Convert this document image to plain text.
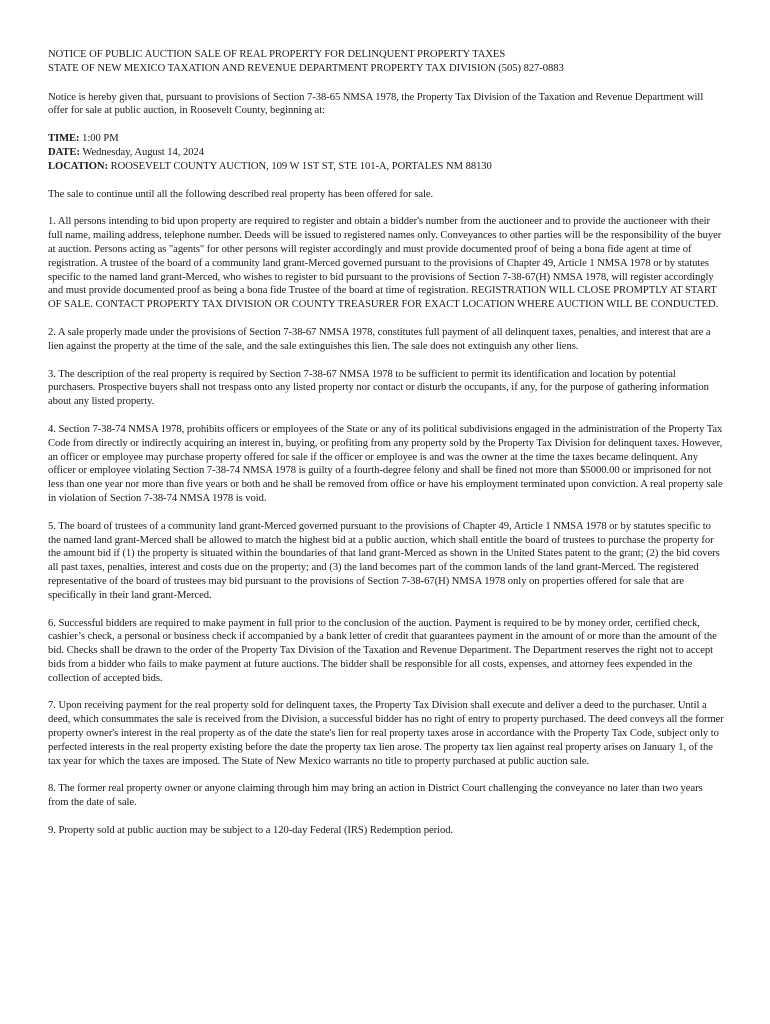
NOTICE OF PUBLIC AUCTION SALE OF REAL PROPERTY FOR DELINQUENT PROPERTY TAXES

STATE OF NEW MEXICO TAXATION AND REVENUE DEPARTMENT PROPERTY TAX DIVISION (505) 827-0883

Notice is hereby given that, pursuant to provisions of Section 7-38-65 NMSA 1978, the Property Tax Division of the Taxation and Revenue Department will offer for sale at public auction, in Roosevelt County, beginning at:

TIME: 1:00 PM

DATE: Wednesday, August 14, 2024

LOCATION: ROOSEVELT COUNTY AUCTION, 109 W 1ST ST, STE 101-A, PORTALES NM 88130

The sale to continue until all the following described real property has been offered for sale.

1. All persons intending to bid upon property are required to register and obtain a bidder's number from the auctioneer and to provide the auctioneer with their full name, mailing address, telephone number. Deeds will be issued to registered names only. Conveyances to other parties will be the responsibility of the buyer at auction. Persons acting as "agents" for other persons will register accordingly and must provide documented proof of being a bona fide agent at time of registration. A trustee of the board of a community land grant-Merced governed pursuant to the provisions of Chapter 49, Article 1 NMSA 1978 or by statutes specific to the named land grant-Merced, who wishes to register to bid pursuant to the provisions of Section 7-38-67(H) NMSA 1978, will register accordingly and must provide documented proof as being a bona fide Trustee of the board at time of registration. REGISTRATION WILL CLOSE PROMPTLY AT START OF SALE. CONTACT PROPERTY TAX DIVISION OR COUNTY TREASURER FOR EXACT LOCATION WHERE AUCTION WILL BE CONDUCTED.

2. A sale properly made under the provisions of Section 7-38-67 NMSA 1978, constitutes full payment of all delinquent taxes, penalties, and interest that are a lien against the property at the time of the sale, and the sale extinguishes this lien. The sale does not extinguish any other liens.

3. The description of the real property is required by Section 7-38-67 NMSA 1978 to be sufficient to permit its identification and location by potential purchasers. Prospective buyers shall not trespass onto any listed property nor contact or disturb the occupants, if any, for the purpose of gathering information about any listed property.

4. Section 7-38-74 NMSA 1978, prohibits officers or employees of the State or any of its political subdivisions engaged in the administration of the Property Tax Code from directly or indirectly acquiring an interest in, buying, or profiting from any property sold by the Property Tax Division for delinquent taxes. However, an officer or employee may purchase property offered for sale if the officer or employee is and was the owner at the time the taxes became delinquent. Any officer or employee violating Section 7-38-74 NMSA 1978 is guilty of a fourth-degree felony and shall be fined not more than $5000.00 or imprisoned for not less than one year nor more than five years or both and he shall be removed from office or have his employment terminated upon conviction. A real property sale in violation of Section 7-38-74 NMSA 1978 is void.

5. The board of trustees of a community land grant-Merced governed pursuant to the provisions of Chapter 49, Article 1 NMSA 1978 or by statutes specific to the named land grant-Merced shall be allowed to match the highest bid at a public auction, which shall entitle the board of trustees to purchase the property for the amount bid if (1) the property is situated within the boundaries of that land grant-Merced as shown in the United States patent to the grant; (2) the bid covers all past taxes, penalties, interest and costs due on the property; and (3) the land becomes part of the common lands of the land grant-Merced. The registered representative of the board of trustees may bid pursuant to the provisions of Section 7-38-67(H) NMSA 1978 only on properties offered for sale that are specifically in their land grant-Merced.

6. Successful bidders are required to make payment in full prior to the conclusion of the auction. Payment is required to be by money order, certified check, cashier’s check, a personal or business check if accompanied by a bank letter of credit that guarantees payment in the amount of or more than the amount of the bid. Checks shall be drawn to the order of the Property Tax Division of the Taxation and Revenue Department. The Department reserves the right not to accept bids from a bidder who fails to make payment at future auctions. The bidder shall be responsible for all costs, expenses, and attorney fees expended in the collection of accepted bids.

7. Upon receiving payment for the real property sold for delinquent taxes, the Property Tax Division shall execute and deliver a deed to the purchaser. Until a deed, which consummates the sale is received from the Division, a successful bidder has no right of entry to property purchased. The deed conveys all the former property owner's interest in the real property as of the date the state's lien for real property taxes arose in accordance with the Property Tax Code, subject only to perfected interests in the real property existing before the date the property tax lien arose. The property tax lien against real property arises on January 1, of the tax year for which the taxes are imposed. The State of New Mexico warrants no title to property purchased at public auction sale.

8. The former real property owner or anyone claiming through him may bring an action in District Court challenging the conveyance no later than two years from the date of sale.

9. Property sold at public auction may be subject to a 120-day Federal (IRS) Redemption period.
